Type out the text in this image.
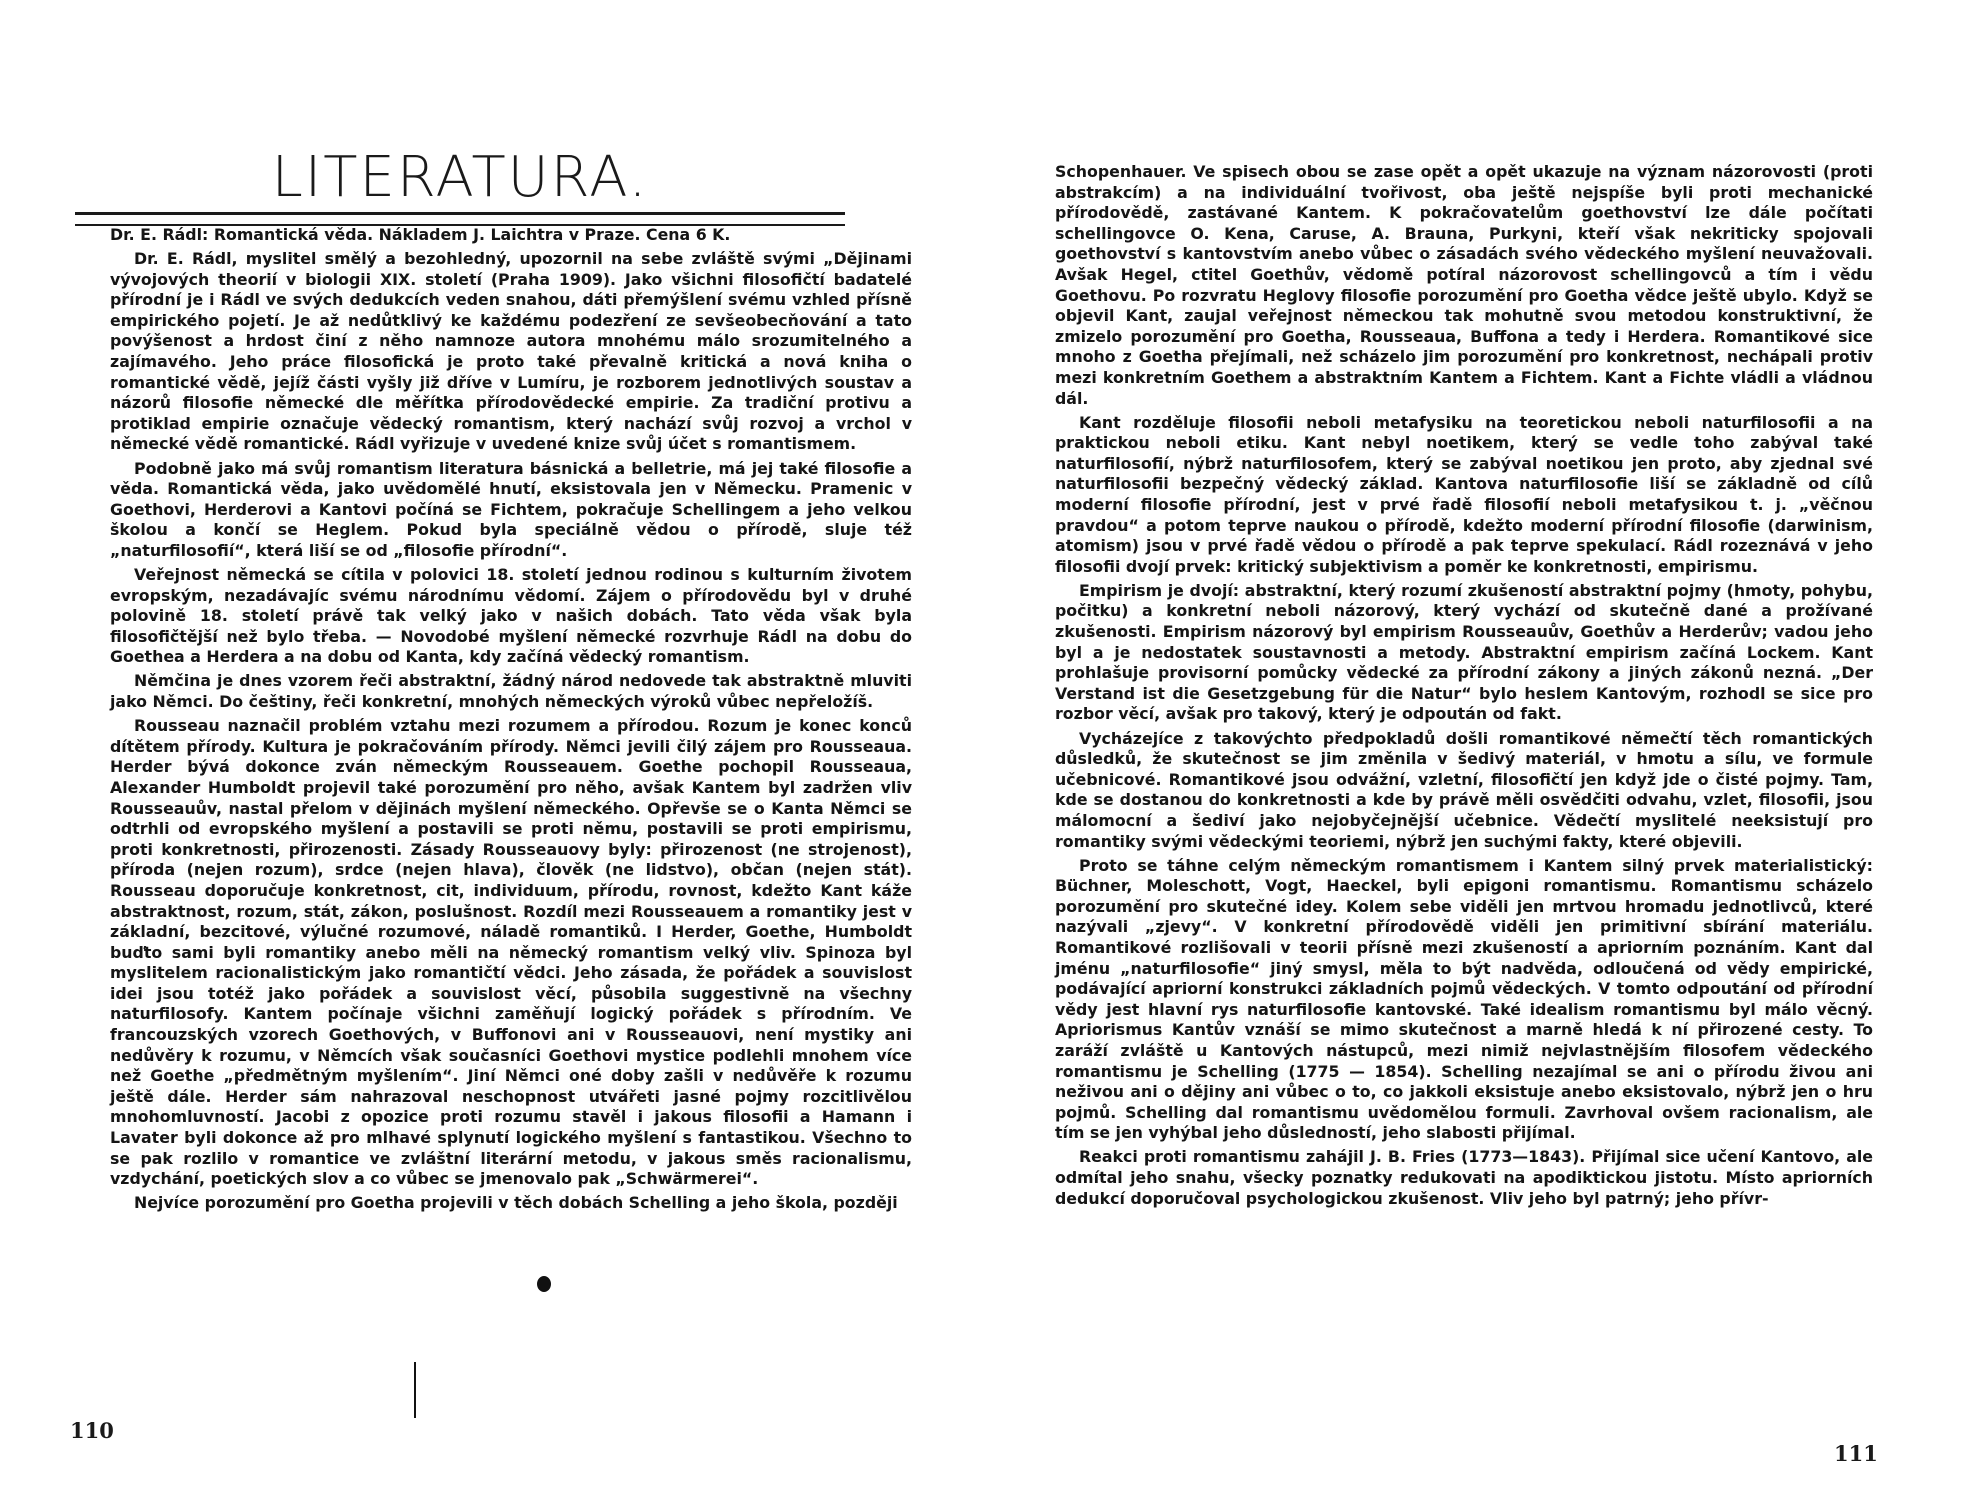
LITERATURA.

Dr. E. Rádl: Romantická věda. Nákladem J. Laichtra v Praze. Cena 6 K.

Dr. E. Rádl, myslitel smělý a bezohledný, upozornil na sebe zvláště svými „Dějinami vývojových theorií v biologii XIX. století (Praha 1909). Jako všichni filosofičtí badatelé přírodní je i Rádl ve svých dedukcích veden snahou, dáti přemýšlení svému vzhled přísně empirického pojetí. Je až nedůtklivý ke každému podezření ze sevšeobecňování a tato povýšenost a hrdost činí z něho namnoze autora mnohému málo srozumitelného a zajímavého. Jeho práce filosofická je proto také převalně kritická a nová kniha o romantické vědě, jejíž části vyšly již dříve v Lumíru, je rozborem jednotlivých soustav a názorů filosofie německé dle měřítka přírodovědecké empirie. Za tradiční protivu a protiklad empirie označuje vědecký romantism, který nachází svůj rozvoj a vrchol v německé vědě romantické. Rádl vyřizuje v uvedené knize svůj účet s romantismem.

Podobně jako má svůj romantism literatura básnická a belletrie, má jej také filosofie a věda. Romantická věda, jako uvědomělé hnutí, eksistovala jen v Německu. Pramenic v Goethovi, Herderovi a Kantovi počíná se Fichtem, pokračuje Schellingem a jeho velkou školou a končí se Heglem. Pokud byla speciálně vědou o přírodě, sluje též „naturfilosofií“, která liší se od „filosofie přírodní“.

Veřejnost německá se cítila v polovici 18. století jednou rodinou s kulturním životem evropským, nezadávajíc svému národnímu vědomí. Zájem o přírodovědu byl v druhé polovině 18. století právě tak velký jako v našich dobách. Tato věda však byla filosofičtější než bylo třeba. — Novodobé myšlení německé rozvrhuje Rádl na dobu do Goethea a Herdera a na dobu od Kanta, kdy začíná vědecký romantism.

Němčina je dnes vzorem řeči abstraktní, žádný národ nedovede tak abstraktně mluviti jako Němci. Do češtiny, řeči konkretní, mnohých německých výroků vůbec nepřeložíš.

Rousseau naznačil problém vztahu mezi rozumem a přírodou. Rozum je konec konců dítětem přírody. Kultura je pokračováním přírody. Němci jevili čilý zájem pro Rousseaua. Herder bývá dokonce zván německým Rousseauem. Goethe pochopil Rousseaua, Alexander Humboldt projevil také porozumění pro něho, avšak Kantem byl zadržen vliv Rousseauův, nastal přelom v dějinách myšlení německého. Opřevše se o Kanta Němci se odtrhli od evropského myšlení a postavili se proti němu, postavili se proti empirismu, proti konkretnosti, přirozenosti. Zásady Rousseauovy byly: přirozenost (ne strojenost), příroda (nejen rozum), srdce (nejen hlava), člověk (ne lidstvo), občan (nejen stát). Rousseau doporučuje konkretnost, cit, individuum, přírodu, rovnost, kdežto Kant káže abstraktnost, rozum, stát, zákon, poslušnost. Rozdíl mezi Rousseauem a romantiky jest v základní, bezcitové, výlučné rozumové, náladě romantiků. I Herder, Goethe, Humboldt buďto sami byli romantiky anebo měli na německý romantism velký vliv. Spinoza byl myslitelem racionalistickým jako romantičtí vědci. Jeho zásada, že pořádek a souvislost idei jsou totéž jako pořádek a souvislost věcí, působila suggestivně na všechny naturfilosofy. Kantem počínaje všichni zaměňují logický pořádek s přírodním. Ve francouzských vzorech Goethových, v Buffonovi ani v Rousseauovi, není mystiky ani nedůvěry k rozumu, v Němcích však současníci Goethovi mystice podlehli mnohem více než Goethe „předmětným myšlením“. Jiní Němci oné doby zašli v nedůvěře k rozumu ještě dále. Herder sám nahrazoval neschopnost utvářeti jasné pojmy rozcitlivělou mnohomluvností. Jacobi z opozice proti rozumu stavěl i jakous filosofii a Hamann i Lavater byli dokonce až pro mlhavé splynutí logického myšlení s fantastikou. Všechno to se pak rozlilo v romantice ve zvláštní literární metodu, v jakous směs racionalismu, vzdychání, poetických slov a co vůbec se jmenovalo pak „Schwärmerei“.

Nejvíce porozumění pro Goetha projevili v těch dobách Schelling a jeho škola, později

110

Schopenhauer. Ve spisech obou se zase opět a opět ukazuje na význam názorovosti (proti abstrakcím) a na individuální tvořivost, oba ještě nejspíše byli proti mechanické přírodovědě, zastávané Kantem. K pokračovatelům goethovství lze dále počítati schellingovce O. Kena, Caruse, A. Brauna, Purkyni, kteří však nekriticky spojovali goethovství s kantovstvím anebo vůbec o zásadách svého vědeckého myšlení neuvažovali. Avšak Hegel, ctitel Goethův, vědomě potíral názorovost schellingovců a tím i vědu Goethovu. Po rozvratu Heglovy filosofie porozumění pro Goetha vědce ještě ubylo. Když se objevil Kant, zaujal veřejnost německou tak mohutně svou metodou konstruktivní, že zmizelo porozumění pro Goetha, Rousseaua, Buffona a tedy i Herdera. Romantikové sice mnoho z Goetha přejímali, než scházelo jim porozumění pro konkretnost, nechápali protiv mezi konkretním Goethem a abstraktním Kantem a Fichtem. Kant a Fichte vládli a vládnou dál.

Kant rozděluje filosofii neboli metafysiku na teoretickou neboli naturfilosofii a na praktickou neboli etiku. Kant nebyl noetikem, který se vedle toho zabýval také naturfilosofií, nýbrž naturfilosofem, který se zabýval noetikou jen proto, aby zjednal své naturfilosofii bezpečný vědecký základ. Kantova naturfilosofie liší se základně od cílů moderní filosofie přírodní, jest v prvé řadě filosofií neboli metafysikou t. j. „věčnou pravdou“ a potom teprve naukou o přírodě, kdežto moderní přírodní filosofie (darwinism, atomism) jsou v prvé řadě vědou o přírodě a pak teprve spekulací. Rádl rozeznává v jeho filosofii dvojí prvek: kritický subjektivism a poměr ke konkretnosti, empirismu.

Empirism je dvojí: abstraktní, který rozumí zkušeností abstraktní pojmy (hmoty, pohybu, počitku) a konkretní neboli názorový, který vychází od skutečně dané a prožívané zkušenosti. Empirism názorový byl empirism Rousseauův, Goethův a Herderův; vadou jeho byl a je nedostatek soustavnosti a metody. Abstraktní empirism začíná Lockem. Kant prohlašuje provisorní pomůcky vědecké za přírodní zákony a jiných zákonů nezná. „Der Verstand ist die Gesetzgebung für die Natur“ bylo heslem Kantovým, rozhodl se sice pro rozbor věcí, avšak pro takový, který je odpoután od fakt.

Vycházejíce z takovýchto předpokladů došli romantikové němečtí těch romantických důsledků, že skutečnost se jim změnila v šedivý materiál, v hmotu a sílu, ve formule učebnicové. Romantikové jsou odvážní, vzletní, filosofičtí jen když jde o čisté pojmy. Tam, kde se dostanou do konkretnosti a kde by právě měli osvědčiti odvahu, vzlet, filosofii, jsou málomocní a šediví jako nejobyčejnější učebnice. Vědečtí myslitelé neeksistují pro romantiky svými vědeckými teoriemi, nýbrž jen suchými fakty, které objevili.

Proto se táhne celým německým romantismem i Kantem silný prvek materialistický: Büchner, Moleschott, Vogt, Haeckel, byli epigoni romantismu. Romantismu scházelo porozumění pro skutečné idey. Kolem sebe viděli jen mrtvou hromadu jednotlivců, které nazývali „zjevy“. V konkretní přírodovědě viděli jen primitivní sbírání materiálu. Romantikové rozlišovali v teorii přísně mezi zkušeností a apriorním poznáním. Kant dal jménu „naturfilosofie“ jiný smysl, měla to být nadvěda, odloučená od vědy empirické, podávající apriorní konstrukci základních pojmů vědeckých. V tomto odpoutání od přírodní vědy jest hlavní rys naturfilosofie kantovské. Také idealism romantismu byl málo věcný. Apriorismus Kantův vznáší se mimo skutečnost a marně hledá k ní přirozené cesty. To zaráží zvláště u Kantových nástupců, mezi nimiž nejvlastnějším filosofem vědeckého romantismu je Schelling (1775 — 1854). Schelling nezajímal se ani o přírodu živou ani neživou ani o dějiny ani vůbec o to, co jakkoli eksistuje anebo eksistovalo, nýbrž jen o hru pojmů. Schelling dal romantismu uvědomělou formuli. Zavrhoval ovšem racionalism, ale tím se jen vyhýbal jeho důsledností, jeho slabosti přijímal.

Reakci proti romantismu zahájil J. B. Fries (1773—1843). Přijímal sice učení Kantovo, ale odmítal jeho snahu, všecky poznatky redukovati na apodiktickou jistotu. Místo apriorních dedukcí doporučoval psychologickou zkušenost. Vliv jeho byl patrný; jeho přívr-

111
